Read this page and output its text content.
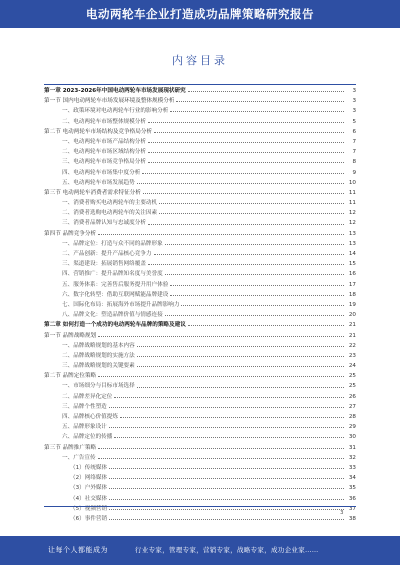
电动两轮车企业打造成功品牌策略研究报告
内容目录
第一章 2023-2026年中国电动两轮车市场发展现状研究	3
第一节 国内电动两轮车市场发展环境及整体规模分析	3
一、政策环境对电动两轮车行业的影响分析	3
二、电动两轮车市场整体规模分析	5
第二节 电动两轮车市场结构及竞争格局分析	6
一、电动两轮车市场产品结构分析	7
二、电动两轮车市场区域结构分析	7
三、电动两轮车市场竞争格局分析	8
四、电动两轮车市场集中度分析	9
五、电动两轮车市场发展趋势	10
第三节 电动两轮车消费者需求特征分析	11
一、消费者购买电动两轮车的主要动机	11
二、消费者选购电动两轮车的关注因素	12
三、消费者品牌认知与忠诚度分析	12
第四节 品牌竞争分析	13
一、品牌定位：打造与众不同的品牌形象	13
二、产品创新：提升产品核心竞争力	14
三、渠道建设：拓展销售网络覆盖	15
四、营销推广：提升品牌知名度与美誉度	16
五、服务体系：完善售后服务提升用户体验	17
六、数字化转型：借助互联网赋能品牌建设	18
七、国际化布局：拓展海外市场提升品牌影响力	19
八、品牌文化：塑造品牌价值与情感连接	20
第二章 如何打造一个成功的电动两轮车品牌的策略及建议	21
第一节 品牌战略规划	21
一、品牌战略规划的基本内容	22
二、品牌战略规划的实施方法	23
三、品牌战略规划的关键要素	24
第二节 品牌定位策略	25
一、市场细分与目标市场选择	25
二、品牌差异化定位	26
三、品牌个性塑造	27
四、品牌核心价值提炼	28
五、品牌形象设计	29
六、品牌定位的传播	30
第三节 品牌推广策略	31
一、广告宣传	32
（1）传统媒体	33
（2）网络媒体	34
（3）户外媒体	35
（4）社交媒体	36
（5）视频营销	37
（6）事件营销	38
3
让每个人都能成为	行业专家，管理专家，营销专家，战略专家，成功企业家……
